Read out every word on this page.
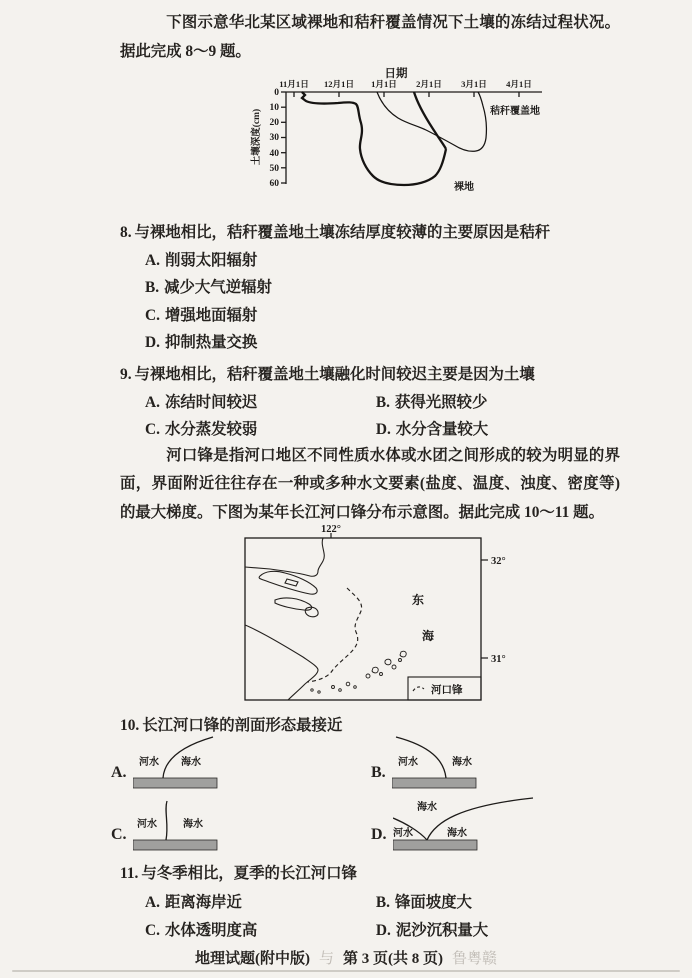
下图示意华北某区域裸地和秸秆覆盖情况下土壤的冻结过程状况。据此完成 8～9 题。

日期
11月1日 12月1日 1月1日 2月1日 3月1日 4月1日
0
10
20
30
40
50
60
土壤深度(cm)	秸秆覆盖地
裸地
8. 与裸地相比，秸秆覆盖地土壤冻结厚度较薄的主要原因是秸秆
A. 削弱太阳辐射
B. 减少大气逆辐射
C. 增强地面辐射
D. 抑制热量交换
9. 与裸地相比，秸秆覆盖地土壤融化时间较迟主要是因为土壤
A. 冻结时间较迟	B. 获得光照较少
C. 水分蒸发较弱	D. 水分含量较大

河口锋是指河口地区不同性质水体或水团之间形成的较为明显的界面，界面附近往往存在一种或多种水文要素(盐度、温度、浊度、密度等)的最大梯度。下图为某年长江河口锋分布示意图。据此完成 10～11 题。

122°
32°
31°
东
海
河口锋
10. 长江河口锋的剖面形态最接近
A.
河水 海水
B.
河水	海水
C.
河水	海水
D. 河水
海水
海水
11. 与冬季相比，夏季的长江河口锋
A. 距离海岸近	B. 锋面坡度大
C. 水体透明度高	D. 泥沙沉积量大
地理试题(附中版) 与 第 3 页(共 8 页) 鲁粤赣
